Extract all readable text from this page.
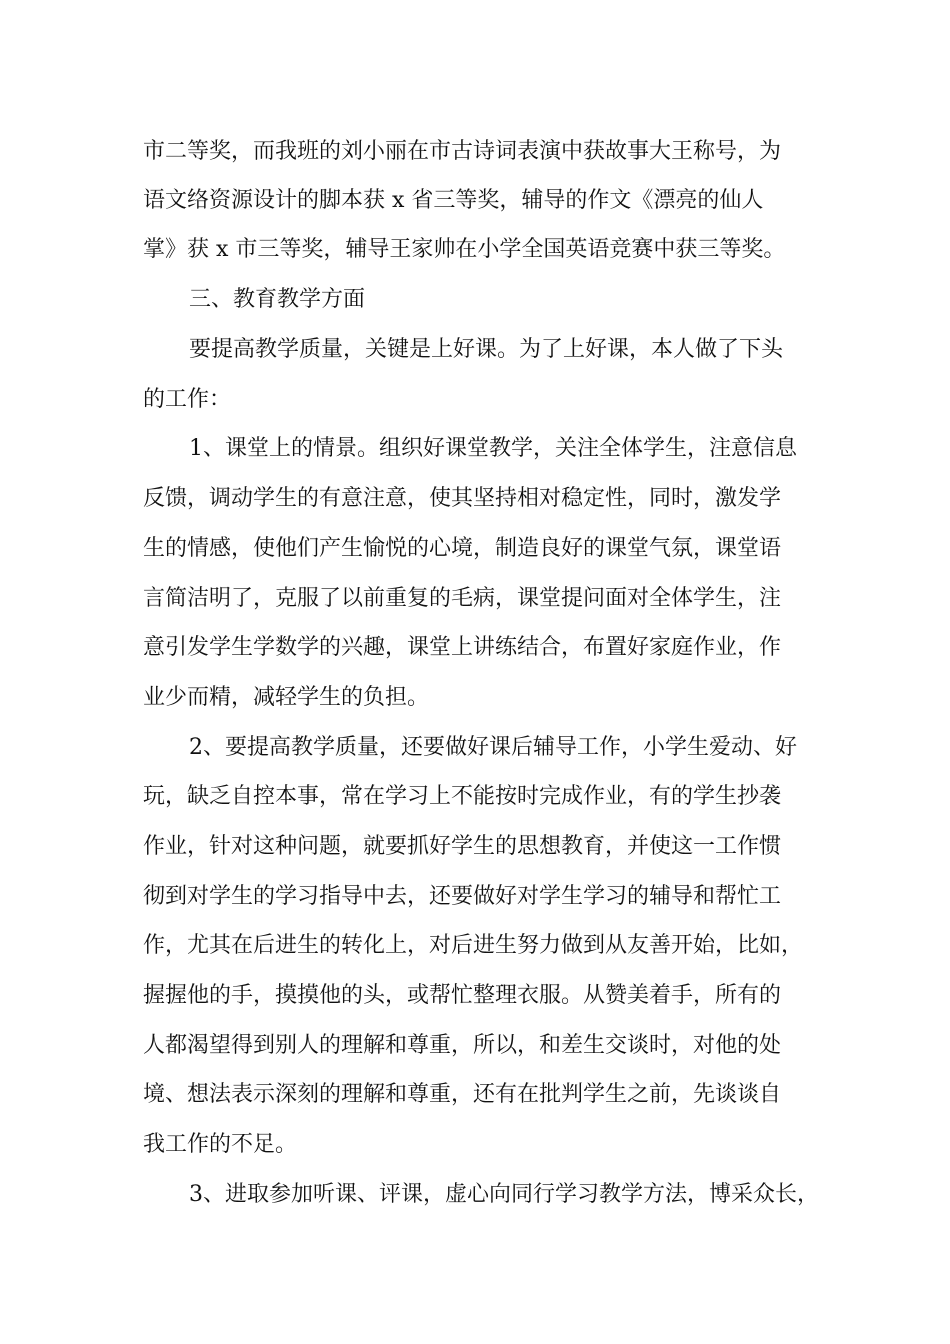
市二等奖，而我班的刘小丽在市古诗词表演中获故事大王称号，为
语文络资源设计的脚本获 x 省三等奖，辅导的作文《漂亮的仙人
掌》获 x 市三等奖，辅导王家帅在小学全国英语竞赛中获三等奖。
三、教育教学方面
要提高教学质量，关键是上好课。为了上好课，本人做了下头
的工作：
1、课堂上的情景。组织好课堂教学，关注全体学生，注意信息
反馈，调动学生的有意注意，使其坚持相对稳定性，同时，激发学
生的情感，使他们产生愉悦的心境，制造良好的课堂气氛，课堂语
言简洁明了，克服了以前重复的毛病，课堂提问面对全体学生，注
意引发学生学数学的兴趣，课堂上讲练结合，布置好家庭作业，作
业少而精，减轻学生的负担。
2、要提高教学质量，还要做好课后辅导工作，小学生爱动、好
玩，缺乏自控本事，常在学习上不能按时完成作业，有的学生抄袭
作业，针对这种问题，就要抓好学生的思想教育，并使这一工作惯
彻到对学生的学习指导中去，还要做好对学生学习的辅导和帮忙工
作，尤其在后进生的转化上，对后进生努力做到从友善开始，比如，
握握他的手，摸摸他的头，或帮忙整理衣服。从赞美着手，所有的
人都渴望得到别人的理解和尊重，所以，和差生交谈时，对他的处
境、想法表示深刻的理解和尊重，还有在批判学生之前，先谈谈自
我工作的不足。
3、进取参加听课、评课，虚心向同行学习教学方法，博采众长，
